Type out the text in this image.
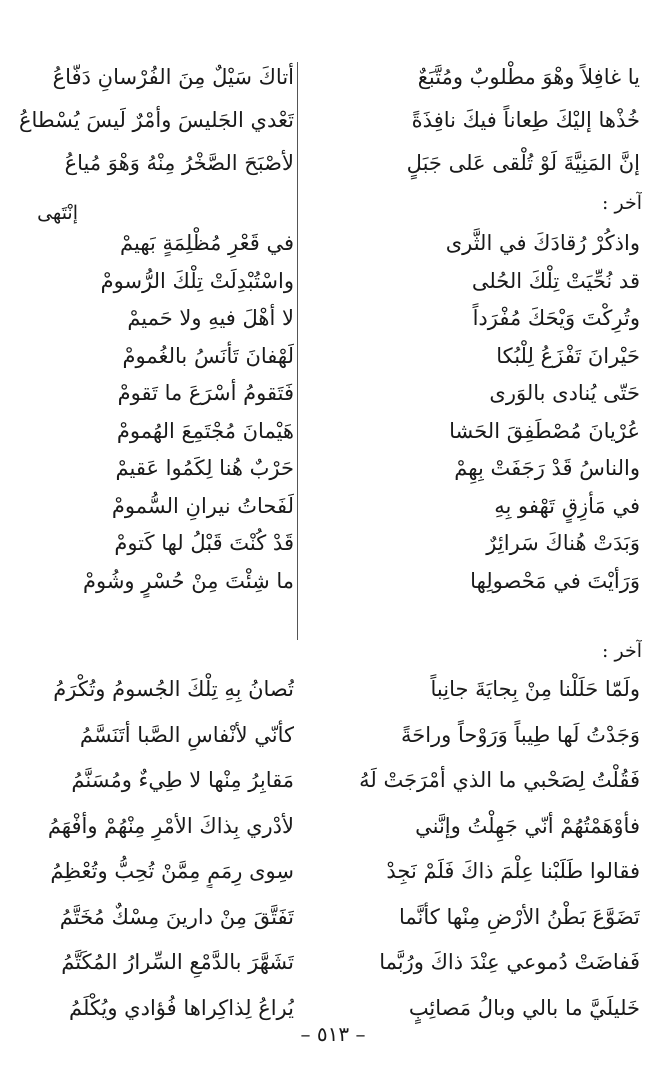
يا غافِلاً وهْوَ مطْلوبٌ ومُتَّبَعٌ
أتاكَ سَيْلٌ مِنَ الفُرْسانِ دَفّاعُ
خُذْها إليْكَ طِعاناً فيكَ نافِذَةً
تَعْدي الجَليسَ وأمْرٌ لَيسَ يُسْطاعُ
إنَّ المَنِيَّةَ لَوْ تُلْقى عَلى جَبَلٍ
لأصْبَحَ الصَّخْرُ مِنْهُ وَهْوَ مُياعُ
إنْتَهى	آخر :
واذكُرْ رُقادَكَ في الثَّرى
في قَعْرِ مُظْلِمَةٍ بَهيمْ
قد نُحِّيَتْ تِلْكَ الحُلى
واسْتُبْدِلَتْ تِلْكَ الرُّسومْ
وتُرِكْتَ وَيْحَكَ مُفْرَداً
لا أهْلَ فيهِ ولا حَميمْ
حَيْرانَ تَفْزَعُ لِلْبُكا
لَهْفانَ تَأنَسُ بالغُمومْ
حَتّى يُنادى بالوَرى
فَتَقومُ أسْرَعَ ما تَقومْ
عُرْيانَ مُصْطَفِقَ الحَشا
هَيْمانَ مُجْتَمِعَ الهُمومْ
والناسُ قَدْ رَجَفَتْ بِهِمْ
حَرْبٌ هُنا لِكَمُوا عَقيمْ
في مَأزِقٍ تَهْفو بِهِ
لَفَحاتُ نيرانِ السُّمومْ
وَبَدَتْ هُناكَ سَرائِرٌ
قَدْ كُنْتَ قَبْلُ لها كَتومْ
وَرَأيْتَ في مَحْصولِها
ما شِئْتَ مِنْ حُسْرٍ وشُومْ
آخر :
ولَمّا حَلَلْنا مِنْ بِجايَةَ جانِباً
تُصانُ بِهِ تِلْكَ الجُسومُ وتُكْرَمُ
وَجَدْتُ لَها طِيباً وَرَوْحاً وراحَةً
كأنّي لأنْفاسِ الصَّبا أتَنَسَّمُ
فَقُلْتُ لِصَحْبي ما الذي أمْرَجَتْ لَهُ
مَقابِرُ مِنْها لا طِيءٌ ومُسَنَّمُ
فأوْهَمْتُهُمْ أنّي جَهِلْتُ وإنَّني
لأدْري بِذاكَ الأمْرِ مِنْهُمْ وأفْهَمُ
فقالوا طَلَبْنا عِلْمَ ذاكَ فَلَمْ نَجِدْ
سِوى رِمَمٍ مِمَّنْ تُحِبُّ وتُعْظِمُ
تَضَوَّعَ بَطْنُ الأرْضِ مِنْها كأنَّما
تَفَتَّقَ مِنْ دارينَ مِسْكٌ مُخَتَّمُ
فَفاضَتْ دُموعي عِنْدَ ذاكَ ورُبَّما
تَشَهَّرَ بالدَّمْعِ السِّرارُ المُكَتَّمُ
خَليلَيَّ ما بالي وبالُ مَصائِبٍ
يُراعُ لِذاكِراها فُؤادي ويُكْلَمُ
– ٥١٣ –
